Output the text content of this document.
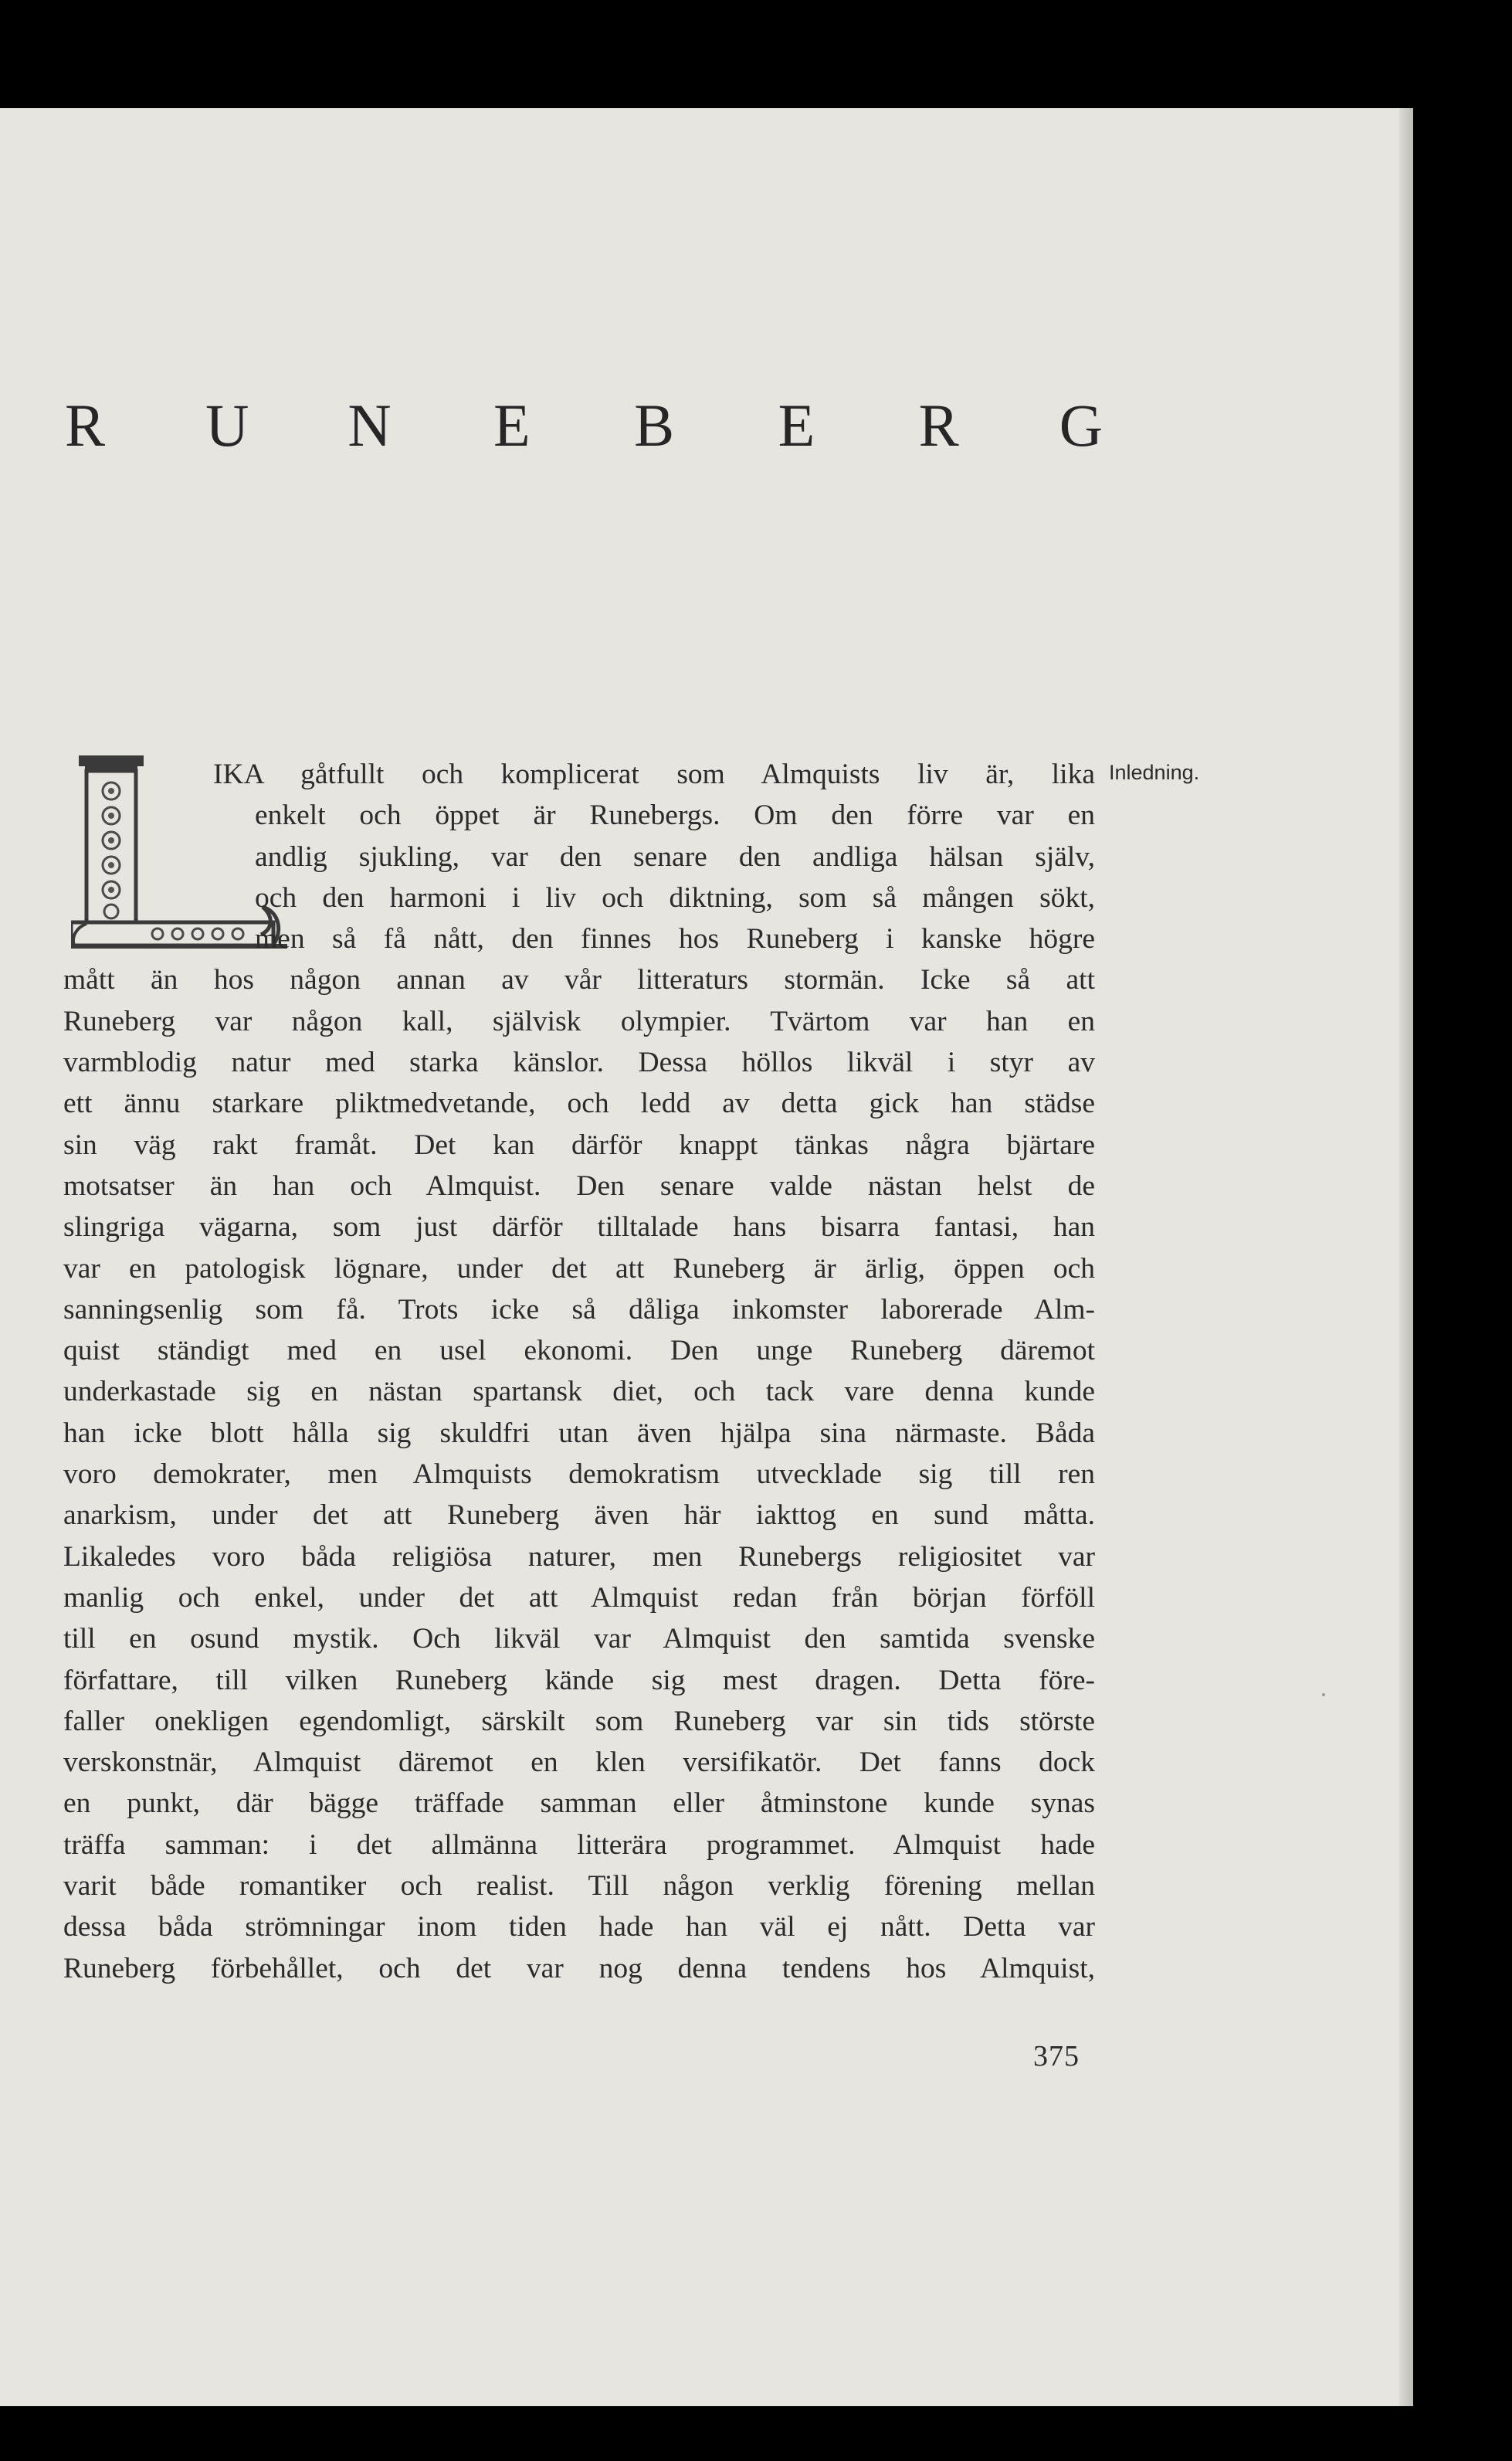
R U N E B E R G
Inledning.
IKA gåtfullt och komplicerat som Almquists liv är, lika
enkelt och öppet är Runebergs. Om den förre var en
andlig sjukling, var den senare den andliga hälsan själv,
och den harmoni i liv och diktning, som så mången sökt,
men så få nått, den finnes hos Runeberg i kanske högre
mått än hos någon annan av vår litteraturs stormän. Icke så att
Runeberg var någon kall, självisk olympier. Tvärtom var han en
varmblodig natur med starka känslor. Dessa höllos likväl i styr av
ett ännu starkare pliktmedvetande, och ledd av detta gick han städse
sin väg rakt framåt. Det kan därför knappt tänkas några bjärtare
motsatser än han och Almquist. Den senare valde nästan helst de
slingriga vägarna, som just därför tilltalade hans bisarra fantasi, han
var en patologisk lögnare, under det att Runeberg är ärlig, öppen och
sanningsenlig som få. Trots icke så dåliga inkomster laborerade Alm-
quist ständigt med en usel ekonomi. Den unge Runeberg däremot
underkastade sig en nästan spartansk diet, och tack vare denna kunde
han icke blott hålla sig skuldfri utan även hjälpa sina närmaste. Båda
voro demokrater, men Almquists demokratism utvecklade sig till ren
anarkism, under det att Runeberg även här iakttog en sund måtta.
Likaledes voro båda religiösa naturer, men Runebergs religiositet var
manlig och enkel, under det att Almquist redan från början förföll
till en osund mystik. Och likväl var Almquist den samtida svenske
författare, till vilken Runeberg kände sig mest dragen. Detta före-
faller onekligen egendomligt, särskilt som Runeberg var sin tids störste
verskonstnär, Almquist däremot en klen versifikatör. Det fanns dock
en punkt, där bägge träffade samman eller åtminstone kunde synas
träffa samman: i det allmänna litterära programmet. Almquist hade
varit både romantiker och realist. Till någon verklig förening mellan
dessa båda strömningar inom tiden hade han väl ej nått. Detta var
Runeberg förbehållet, och det var nog denna tendens hos Almquist,
375
